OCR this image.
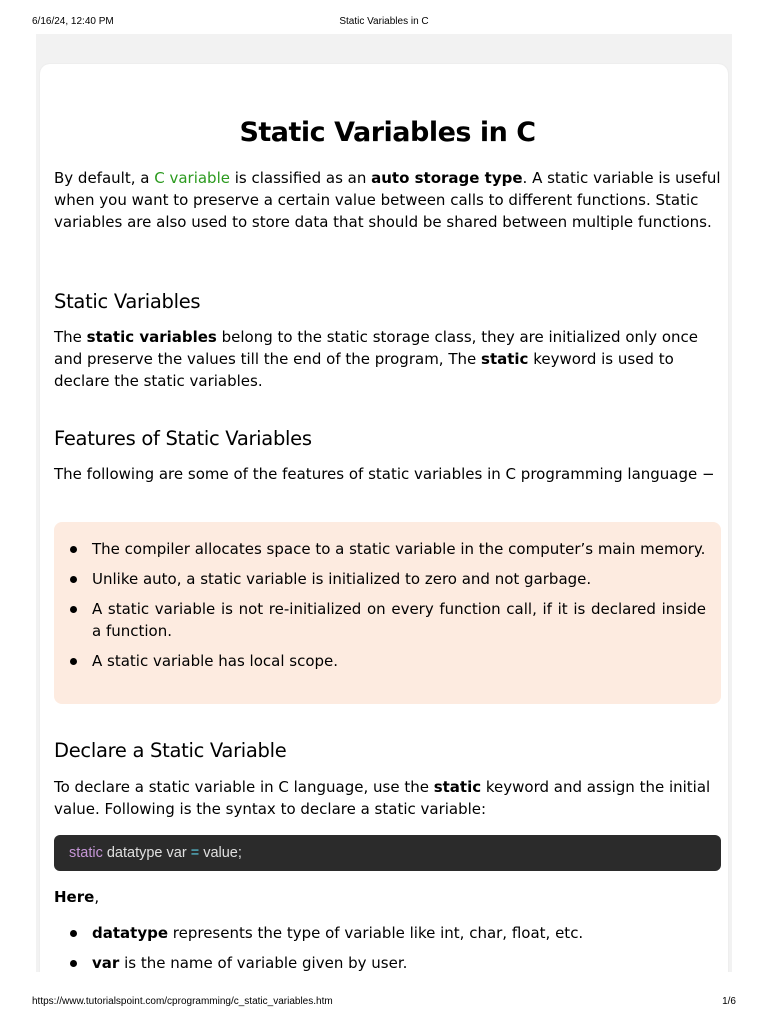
6/16/24, 12:40 PM	Static Variables in C
Static Variables in C

By default, a C variable is classified as an auto storage type. A static variable is useful when you want to preserve a certain value between calls to different functions. Static variables are also used to store data that should be shared between multiple functions.

Static Variables

The static variables belong to the static storage class, they are initialized only once and preserve the values till the end of the program, The static keyword is used to declare the static variables.

Features of Static Variables

The following are some of the features of static variables in C programming language −

The compiler allocates space to a static variable in the computer’s main memory.
Unlike auto, a static variable is initialized to zero and not garbage.
A static variable is not re-initialized on every function call, if it is declared inside a function.
A static variable has local scope.
Declare a Static Variable

To declare a static variable in C language, use the static keyword and assign the initial value. Following is the syntax to declare a static variable:

static datatype var = value;

Here,

datatype represents the type of variable like int, char, float, etc.
var is the name of variable given by user.
https://www.tutorialspoint.com/cprogramming/c_static_variables.htm	1/6
